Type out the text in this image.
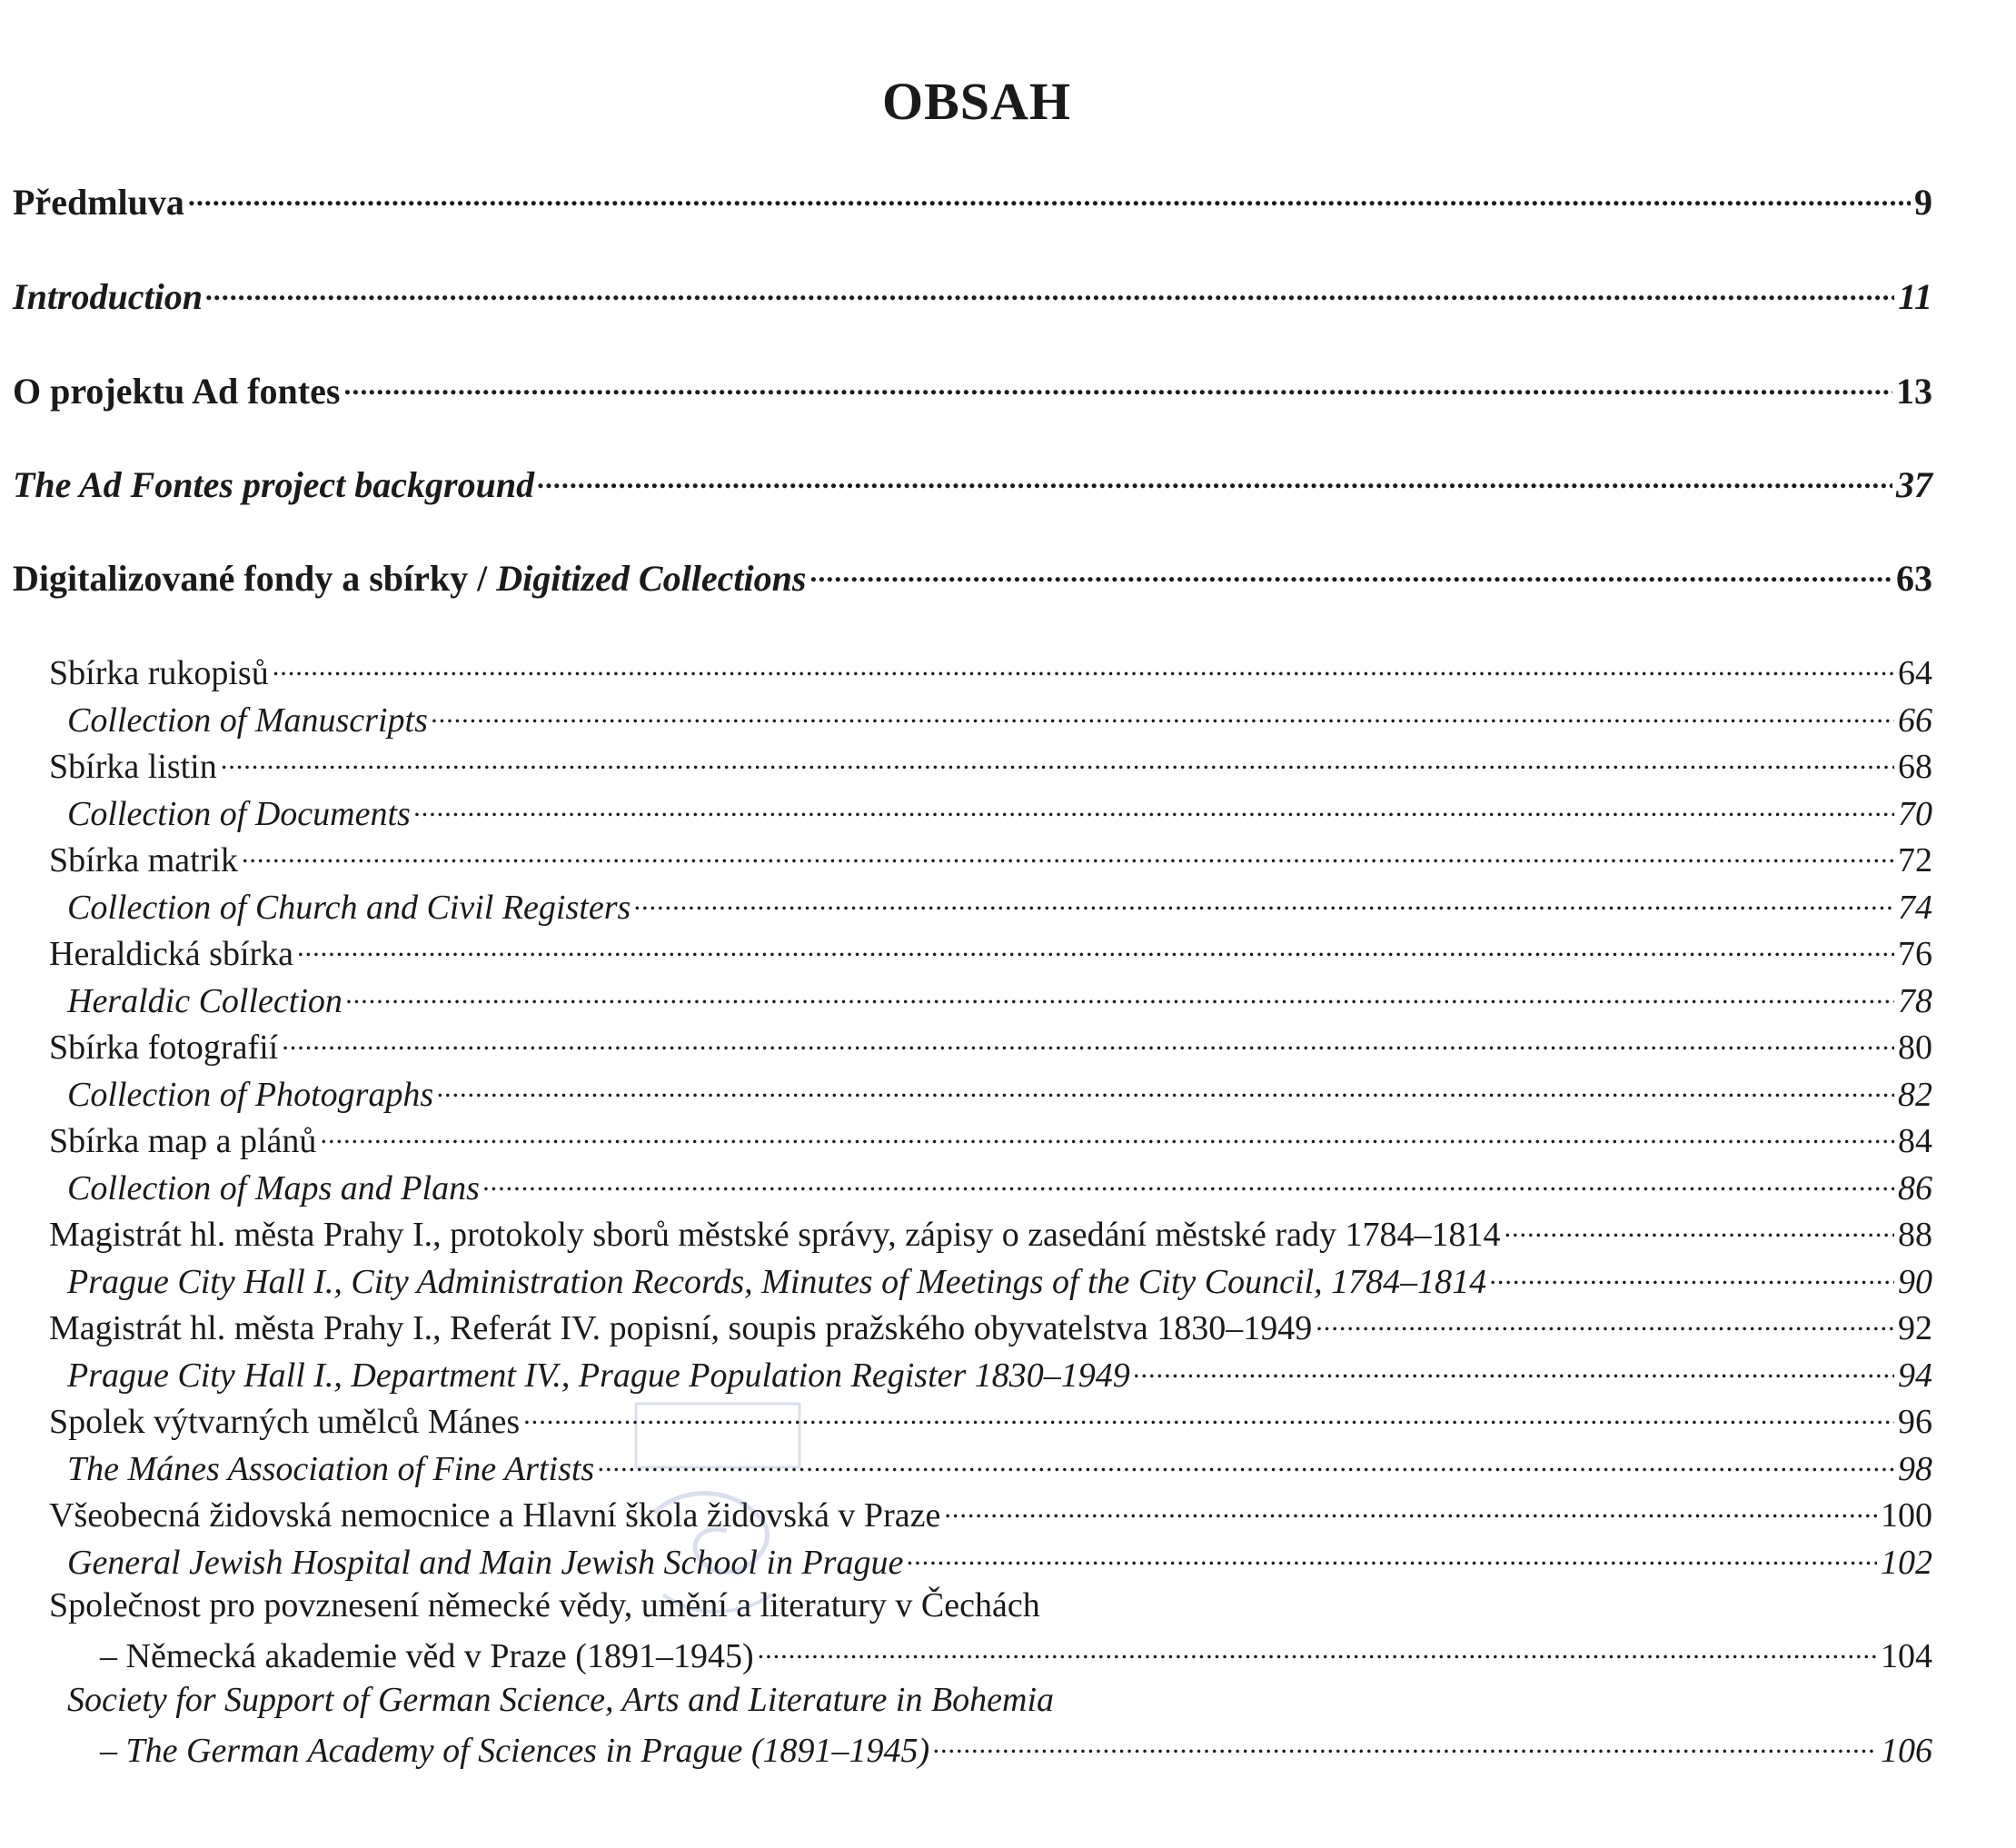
OBSAH
Předmluva .....	9
Introduction .....	11
O projektu Ad fontes .....	13
The Ad Fontes project background .....	37
Digitalizované fondy a sbírky / Digitized Collections .....	63
Sbírka rukopisů .....	64
Collection of Manuscripts .....	66
Sbírka listin .....	68
Collection of Documents .....	70
Sbírka matrik .....	72
Collection of Church and Civil Registers .....	74
Heraldická sbírka .....	76
Heraldic Collection .....	78
Sbírka fotografií .....	80
Collection of Photographs .....	82
Sbírka map a plánů .....	84
Collection of Maps and Plans .....	86
Magistrát hl. města Prahy I., protokoly sborů městské správy, zápisy o zasedání městské rady 1784–1814 .....	88
Prague City Hall I., City Administration Records, Minutes of Meetings of the City Council, 1784–1814 .....	90
Magistrát hl. města Prahy I., Referát IV. popisní, soupis pražského obyvatelstva 1830–1949 .....	92
Prague City Hall I., Department IV., Prague Population Register 1830–1949 .....	94
Spolek výtvarných umělců Mánes .....	96
The Mánes Association of Fine Artists .....	98
Všeobecná židovská nemocnice a Hlavní škola židovská v Praze .....	100
General Jewish Hospital and Main Jewish School in Prague .....	102
Společnost pro povznesení německé vědy, umění a literatury v Čechách
– Německá akademie věd v Praze (1891–1945) .....	104
Society for Support of German Science, Arts and Literature in Bohemia
– The German Academy of Sciences in Prague (1891–1945) .....	106
